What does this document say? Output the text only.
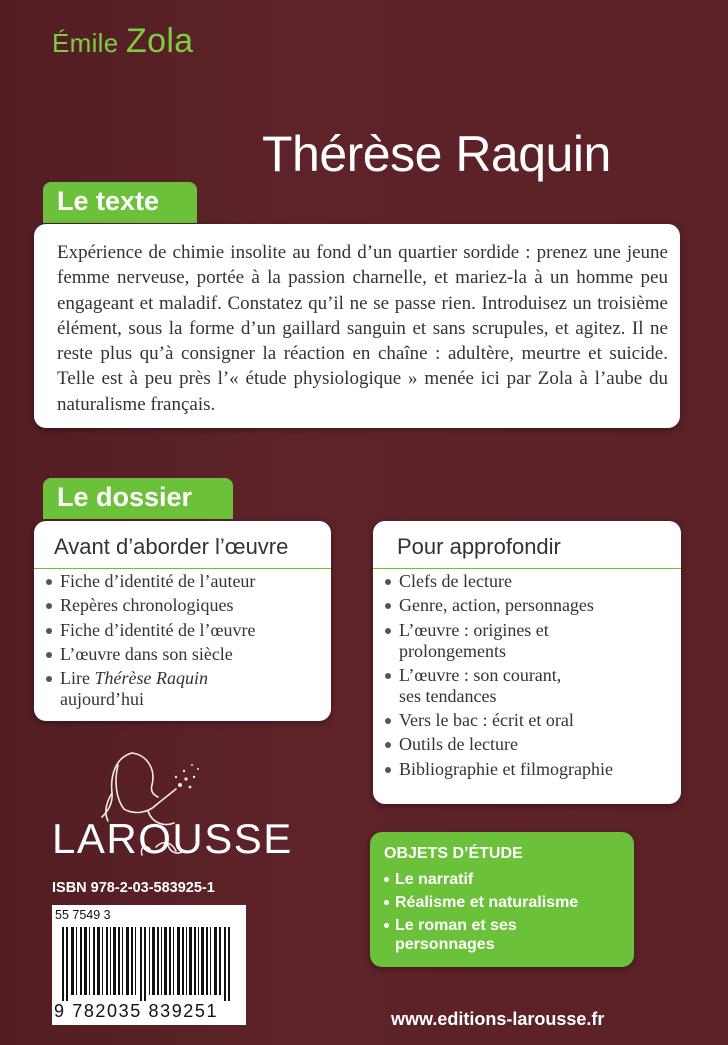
Émile Zola
Thérèse Raquin
Le texte

Expérience de chimie insolite au fond d’un quartier sordide : prenez une jeune femme nerveuse, portée à la passion charnelle, et mariez-la à un homme peu engageant et maladif. Constatez qu’il ne se passe rien. Introduisez un troisième élément, sous la forme d’un gaillard sanguin et sans scrupules, et agitez. Il ne reste plus qu’à consigner la réaction en chaîne : adultère, meurtre et suicide. Telle est à peu près l’« étude physiologique » menée ici par Zola à l’aube du naturalisme français.

Le dossier
Avant d’aborder l’œuvre
Fiche d’identité de l’auteur
Repères chronologiques
Fiche d’identité de l’œuvre
L’œuvre dans son siècle
Lire Thérèse Raquin
aujourd’hui
Pour approfondir
Clefs de lecture
Genre, action, personnages
L’œuvre : origines et prolongements
L’œuvre : son courant, ses tendances
Vers le bac : écrit et oral
Outils de lecture
Bibliographie et filmographie
LAROUSSE
ISBN 978-2-03-583925-1
55 7549 3
9 782035 839251
OBJETS D’ÉTUDE
Le narratif
Réalisme et naturalisme
Le roman et ses personnages
www.editions-larousse.fr
